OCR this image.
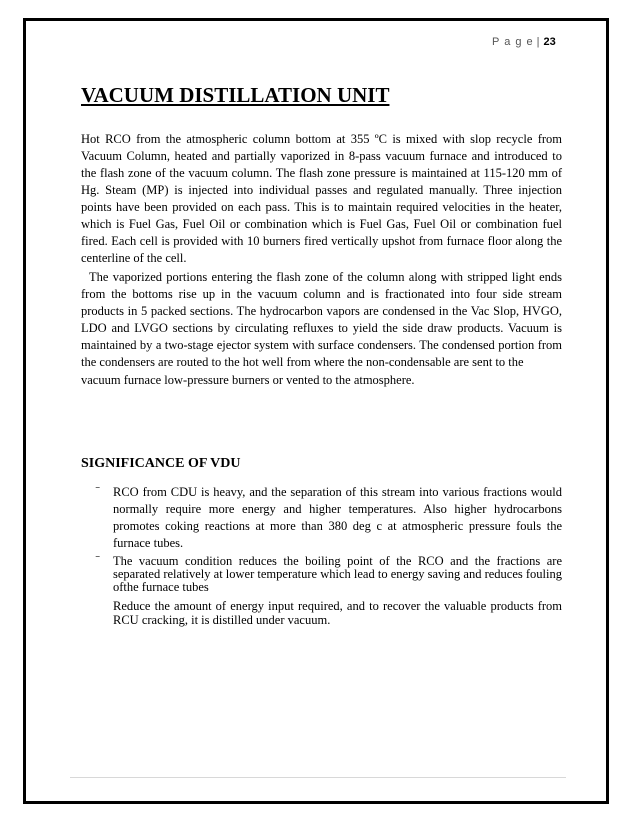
P a g e | 23
VACUUM DISTILLATION UNIT

Hot RCO from the atmospheric column bottom at 355 ºC is mixed with slop recycle from Vacuum Column, heated and partially vaporized in 8-pass vacuum furnace and introduced to the flash zone of the vacuum column. The flash zone pressure is maintained at 115-120 mm of Hg. Steam (MP) is injected into individual passes and regulated manually. Three injection points have been provided on each pass. This is to maintain required velocities in the heater, which is Fuel Gas, Fuel Oil or combination which is Fuel Gas, Fuel Oil or combination fuel fired. Each cell is provided with 10 burners fired vertically upshot from furnace floor along the centerline of the cell.

The vaporized portions entering the flash zone of the column along with stripped light ends from the bottoms rise up in the vacuum column and is fractionated into four side stream products in 5 packed sections. The hydrocarbon vapors are condensed in the Vac Slop, HVGO, LDO and LVGO sections by circulating refluxes to yield the side draw products. Vacuum is maintained by a two-stage ejector system with surface condensers. The condensed portion from the condensers are routed to the hot well from where the non-condensable are sent to the

vacuum furnace low-pressure burners or vented to the atmosphere.

SIGNIFICANCE OF VDU
‾ RCO from CDU is heavy, and the separation of this stream into various fractions would normally require more energy and higher temperatures. Also higher hydrocarbons promotes coking reactions at more than 380 deg c at atmospheric pressure fouls the furnace tubes.
‾ The vacuum condition reduces the boiling point of the RCO and the fractions are separated relatively at lower temperature which lead to energy saving and reduces fouling ofthe furnace tubes
Reduce the amount of energy input required, and to recover the valuable products from RCU cracking, it is distilled under vacuum.
